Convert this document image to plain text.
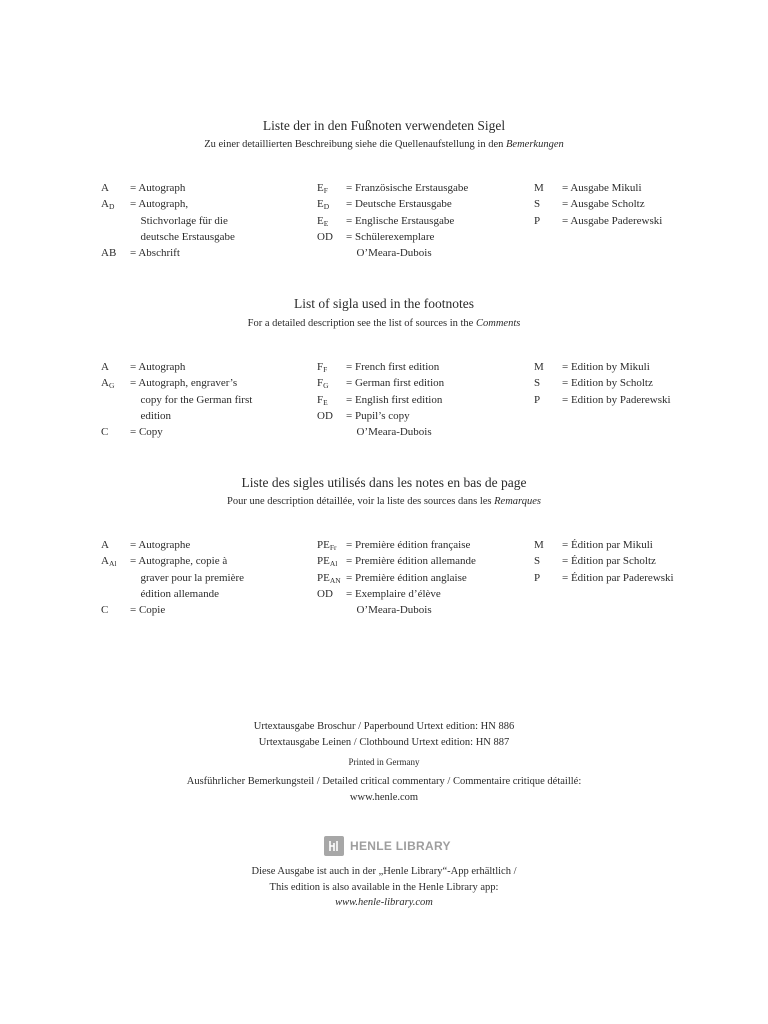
Liste der in den Fußnoten verwendeten Sigel
Zu einer detaillierten Beschreibung siehe die Quellenaufstellung in den Bemerkungen
A = Autograph
$A_D$ = Autograph,
Stichvorlage für die
deutsche Erstausgabe
AB = Abschrift
$E_F$ = Französische Erstausgabe
$E_D$ = Deutsche Erstausgabe
$E_E$ = Englische Erstausgabe
OD = Schülerexemplare
O’Meara-Dubois
M = Ausgabe Mikuli
S = Ausgabe Scholtz
P = Ausgabe Paderewski
List of sigla used in the footnotes
For a detailed description see the list of sources in the Comments
A = Autograph
$A_G$ = Autograph, engraver’s
copy for the German first
edition
C = Copy
$F_F$ = French first edition
$F_G$ = German first edition
$F_E$ = English first edition
OD = Pupil’s copy
O’Meara-Dubois
M = Edition by Mikuli
S = Edition by Scholtz
P = Edition by Paderewski
Liste des sigles utilisés dans les notes en bas de page
Pour une description détaillée, voir la liste des sources dans les Remarques
A = Autographe
$A_{Al}$ = Autographe, copie à
graver pour la première
édition allemande
C = Copie
$PE_{Fr}$ = Première édition française
$PE_{Al}$ = Première édition allemande
$PE_{AN}$ = Première édition anglaise
OD = Exemplaire d’élève
O’Meara-Dubois
M = Édition par Mikuli
S = Édition par Scholtz
P = Édition par Paderewski
Urtextausgabe Broschur / Paperbound Urtext edition: HN 886
Urtextausgabe Leinen / Clothbound Urtext edition: HN 887
Printed in Germany
Ausführlicher Bemerkungsteil / Detailed critical commentary / Commentaire critique détaillé:
www.henle.com
HENLE LIBRARY
Diese Ausgabe ist auch in der „Henle Library“-App erhältlich /
This edition is also available in the Henle Library app:
www.henle-library.com
